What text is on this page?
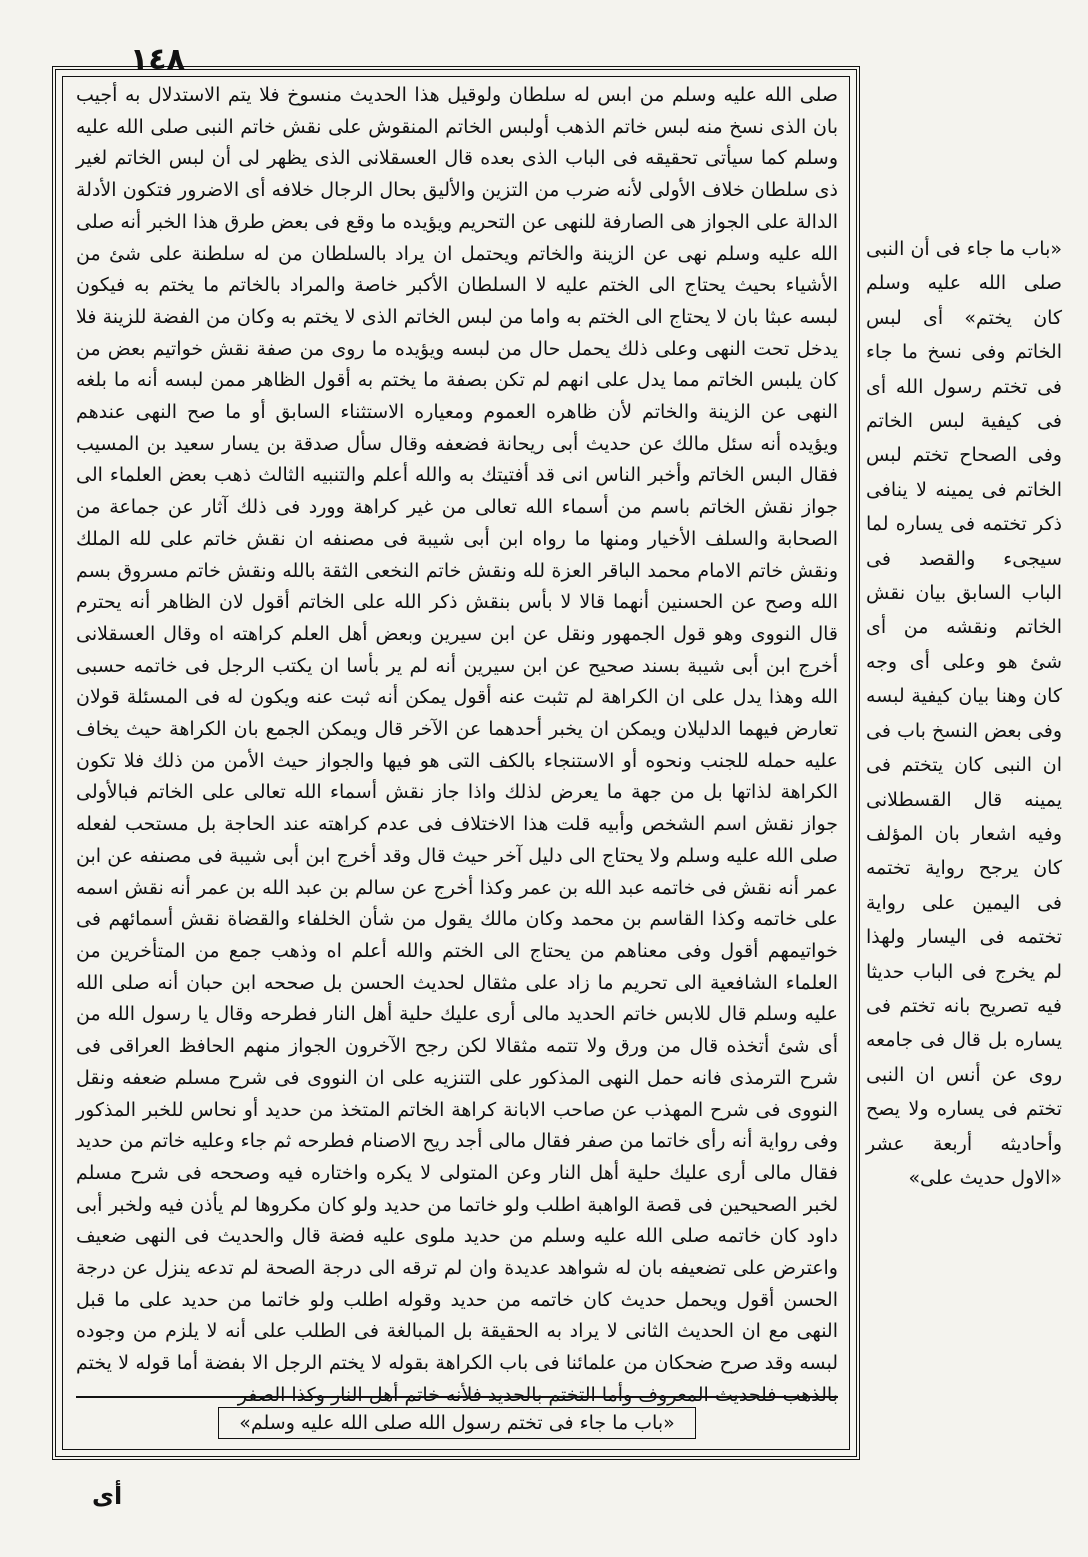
١٤٨

صلى الله عليه وسلم من ابس له سلطان ولوقيل هذا الحديث منسوخ فلا يتم الاستدلال به أجيب بان الذى نسخ منه لبس خاتم الذهب أولبس الخاتم المنقوش على نقش خاتم النبى صلى الله عليه وسلم كما سيأتى تحقيقه فى الباب الذى بعده قال العسقلانى الذى يظهر لى أن لبس الخاتم لغير ذى سلطان خلاف الأولى لأنه ضرب من التزين والأليق بحال الرجال خلافه أى الاضرور فتكون الأدلة الدالة على الجواز هى الصارفة للنهى عن التحريم ويؤيده ما وقع فى بعض طرق هذا الخبر أنه صلى الله عليه وسلم نهى عن الزينة والخاتم ويحتمل ان يراد بالسلطان من له سلطنة على شئ من الأشياء بحيث يحتاج الى الختم عليه لا السلطان الأكبر خاصة والمراد بالخاتم ما يختم به فيكون لبسه عبثا بان لا يحتاج الى الختم به واما من لبس الخاتم الذى لا يختم به وكان من الفضة للزينة فلا يدخل تحت النهى وعلى ذلك يحمل حال من لبسه ويؤيده ما روى من صفة نقش خواتيم بعض من كان يلبس الخاتم مما يدل على انهم لم تكن بصفة ما يختم به أقول الظاهر ممن لبسه أنه ما بلغه النهى عن الزينة والخاتم لأن ظاهره العموم ومعياره الاستثناء السابق أو ما صح النهى عندهم ويؤيده أنه سئل مالك عن حديث أبى ريحانة فضعفه وقال سأل صدقة بن يسار سعيد بن المسيب فقال البس الخاتم وأخبر الناس انى قد أفتيتك به والله أعلم والتنبيه الثالث ذهب بعض العلماء الى جواز نقش الخاتم باسم من أسماء الله تعالى من غير كراهة وورد فى ذلك آثار عن جماعة من الصحابة والسلف الأخيار ومنها ما رواه ابن أبى شيبة فى مصنفه ان نقش خاتم على لله الملك ونقش خاتم الامام محمد الباقر العزة لله ونقش خاتم النخعى الثقة بالله ونقش خاتم مسروق بسم الله وصح عن الحسنين أنهما قالا لا بأس بنقش ذكر الله على الخاتم أقول لان الظاهر أنه يحترم قال النووى وهو قول الجمهور ونقل عن ابن سيرين وبعض أهل العلم كراهته اه وقال العسقلانى أخرج ابن أبى شيبة بسند صحيح عن ابن سيرين أنه لم ير بأسا ان يكتب الرجل فى خاتمه حسبى الله وهذا يدل على ان الكراهة لم تثبت عنه أقول يمكن أنه ثبت عنه ويكون له فى المسئلة قولان تعارض فيهما الدليلان ويمكن ان يخبر أحدهما عن الآخر قال ويمكن الجمع بان الكراهة حيث يخاف عليه حمله للجنب ونحوه أو الاستنجاء بالكف التى هو فيها والجواز حيث الأمن من ذلك فلا تكون الكراهة لذاتها بل من جهة ما يعرض لذلك واذا جاز نقش أسماء الله تعالى على الخاتم فبالأولى جواز نقش اسم الشخص وأبيه قلت هذا الاختلاف فى عدم كراهته عند الحاجة بل مستحب لفعله صلى الله عليه وسلم ولا يحتاج الى دليل آخر حيث قال وقد أخرج ابن أبى شيبة فى مصنفه عن ابن عمر أنه نقش فى خاتمه عبد الله بن عمر وكذا أخرج عن سالم بن عبد الله بن عمر أنه نقش اسمه على خاتمه وكذا القاسم بن محمد وكان مالك يقول من شأن الخلفاء والقضاة نقش أسمائهم فى خواتيمهم أقول وفى معناهم من يحتاج الى الختم والله أعلم اه وذهب جمع من المتأخرين من العلماء الشافعية الى تحريم ما زاد على مثقال لحديث الحسن بل صححه ابن حبان أنه صلى الله عليه وسلم قال للابس خاتم الحديد مالى أرى عليك حلية أهل النار فطرحه وقال يا رسول الله من أى شئ أتخذه قال من ورق ولا تتمه مثقالا لكن رجح الآخرون الجواز منهم الحافظ العراقى فى شرح الترمذى فانه حمل النهى المذكور على التنزيه على ان النووى فى شرح مسلم ضعفه ونقل النووى فى شرح المهذب عن صاحب الابانة كراهة الخاتم المتخذ من حديد أو نحاس للخبر المذكور وفى رواية أنه رأى خاتما من صفر فقال مالى أجد ريح الاصنام فطرحه ثم جاء وعليه خاتم من حديد فقال مالى أرى عليك حلية أهل النار وعن المتولى لا يكره واختاره فيه وصححه فى شرح مسلم لخبر الصحيحين فى قصة الواهبة اطلب ولو خاتما من حديد ولو كان مكروها لم يأذن فيه ولخبر أبى داود كان خاتمه صلى الله عليه وسلم من حديد ملوى عليه فضة قال والحديث فى النهى ضعيف واعترض على تضعيفه بان له شواهد عديدة وان لم ترقه الى درجة الصحة لم تدعه ينزل عن درجة الحسن أقول ويحمل حديث كان خاتمه من حديد وقوله اطلب ولو خاتما من حديد على ما قبل النهى مع ان الحديث الثانى لا يراد به الحقيقة بل المبالغة فى الطلب على أنه لا يلزم من وجوده لبسه وقد صرح ضحكان من علمائنا فى باب الكراهة بقوله لا يختم الرجل الا بفضة أما قوله لا يختم بالذهب فلحديث المعروف وأما التختم بالحديد فلأنه خاتم أهل النار وكذا الصفر

«باب ما جاء فى تختم رسول الله صلى الله عليه وسلم»

«باب ما جاء فى أن النبى صلى الله عليه وسلم كان يختم» أى لبس الخاتم وفى نسخ ما جاء فى تختم رسول الله أى فى كيفية لبس الخاتم وفى الصحاح تختم لبس الخاتم فى يمينه لا ينافى ذكر تختمه فى يساره لما سيجىء والقصد فى الباب السابق بيان نقش الخاتم ونقشه من أى شئ هو وعلى أى وجه كان وهنا بيان كيفية لبسه وفى بعض النسخ باب فى ان النبى كان يتختم فى يمينه قال القسطلانى وفيه اشعار بان المؤلف كان يرجح رواية تختمه فى اليمين على رواية تختمه فى اليسار ولهذا لم يخرج فى الباب حديثا فيه تصريح بانه تختم فى يساره بل قال فى جامعه روى عن أنس ان النبى تختم فى يساره ولا يصح وأحاديثه أربعة عشر «الاول حديث على»

أى
